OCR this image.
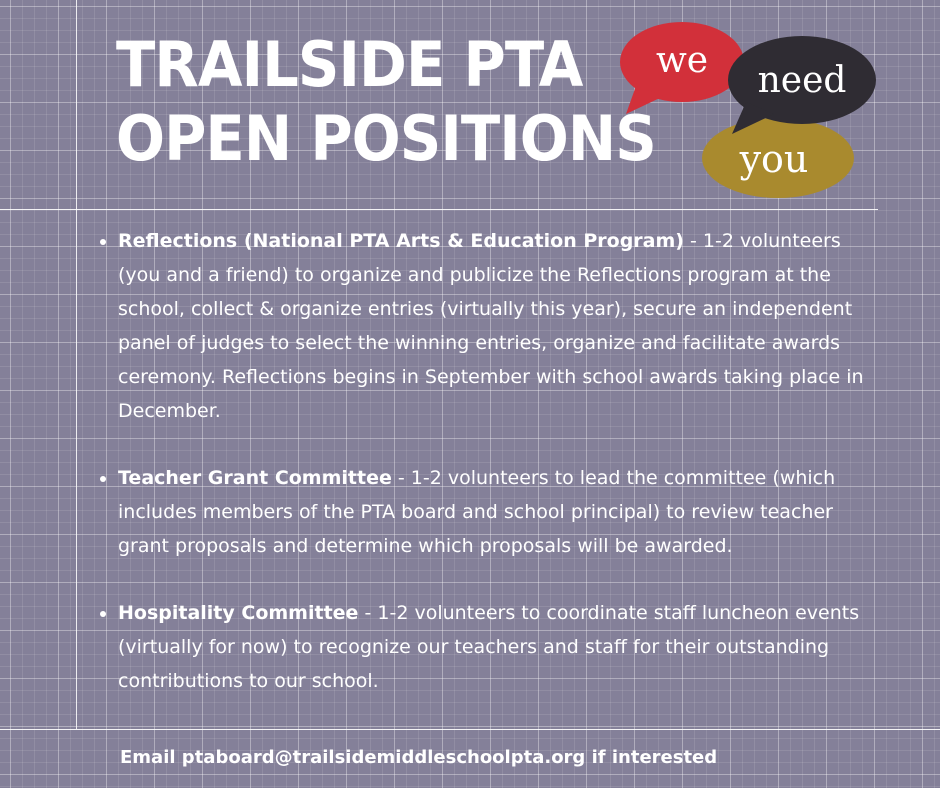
TRAILSIDE PTA
OPEN POSITIONS you
we need
Reflections (National PTA Arts & Education Program) - 1-2 volunteers (you and a friend) to organize and publicize the Reflections program at the school, collect & organize entries (virtually this year), secure an independent panel of judges to select the winning entries, organize and facilitate awards ceremony. Reflections begins in September with school awards taking place in December.
Teacher Grant Committee - 1-2 volunteers to lead the committee (which includes members of the PTA board and school principal) to review teacher grant proposals and determine which proposals will be awarded.
Hospitality Committee - 1-2 volunteers to coordinate staff luncheon events (virtually for now) to recognize our teachers and staff for their outstanding contributions to our school.

Email ptaboard@trailsidemiddleschoolpta.org if interested
